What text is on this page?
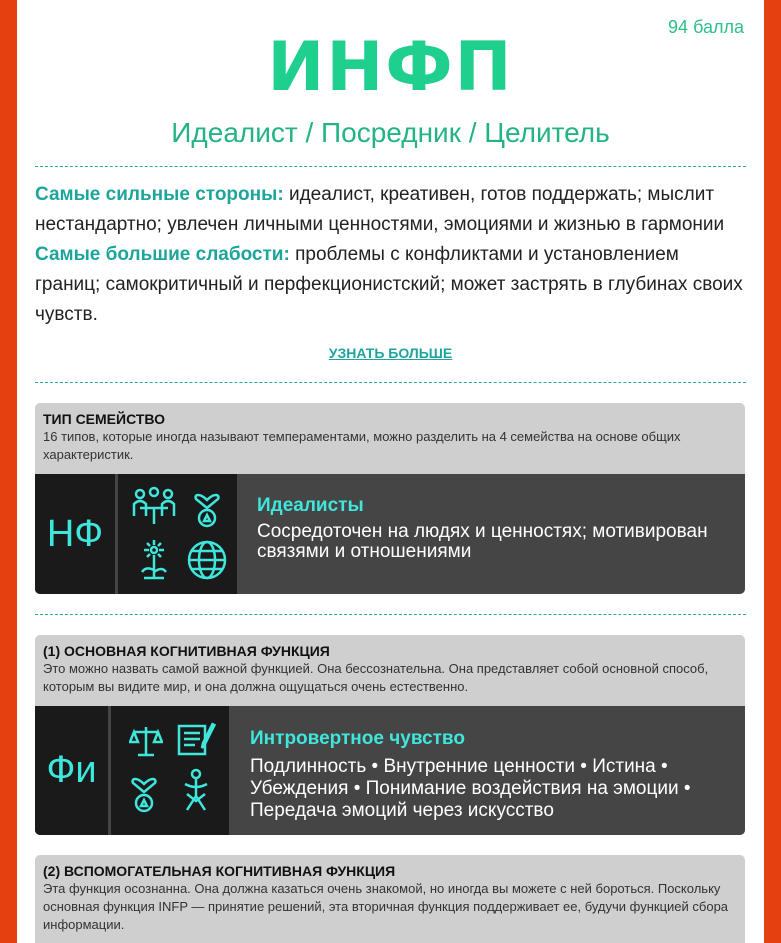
94 балла
ИНФП
Идеалист / Посредник / Целитель
Самые сильные стороны: идеалист, креативен, готов поддержать; мыслит нестандартно; увлечен личными ценностями, эмоциями и жизнью в гармонии
Самые большие слабости: проблемы с конфликтами и установлением границ; самокритичный и перфекционистский; может застрять в глубинах своих чувств.
УЗНАТЬ БОЛЬШЕ
ТИП СЕМЕЙСТВО
16 типов, которые иногда называют темпераментами, можно разделить на 4 семейства на основе общих характеристик.
НФ
Идеалисты
Сосредоточен на людях и ценностях; мотивирован связями и отношениями
(1) ОСНОВНАЯ КОГНИТИВНАЯ ФУНКЦИЯ
Это можно назвать самой важной функцией. Она бессознательна. Она представляет собой основной способ, которым вы видите мир, и она должна ощущаться очень естественно.
Фи
Интровертное чувство
Подлинность • Внутренние ценности • Истина • Убеждения • Понимание воздействия на эмоции • Передача эмоций через искусство
(2) ВСПОМОГАТЕЛЬНАЯ КОГНИТИВНАЯ ФУНКЦИЯ
Эта функция осознанна. Она должна казаться очень знакомой, но иногда вы можете с ней бороться. Поскольку основная функция INFP — принятие решений, эта вторичная функция поддерживает ее, будучи функцией сбора информации.
